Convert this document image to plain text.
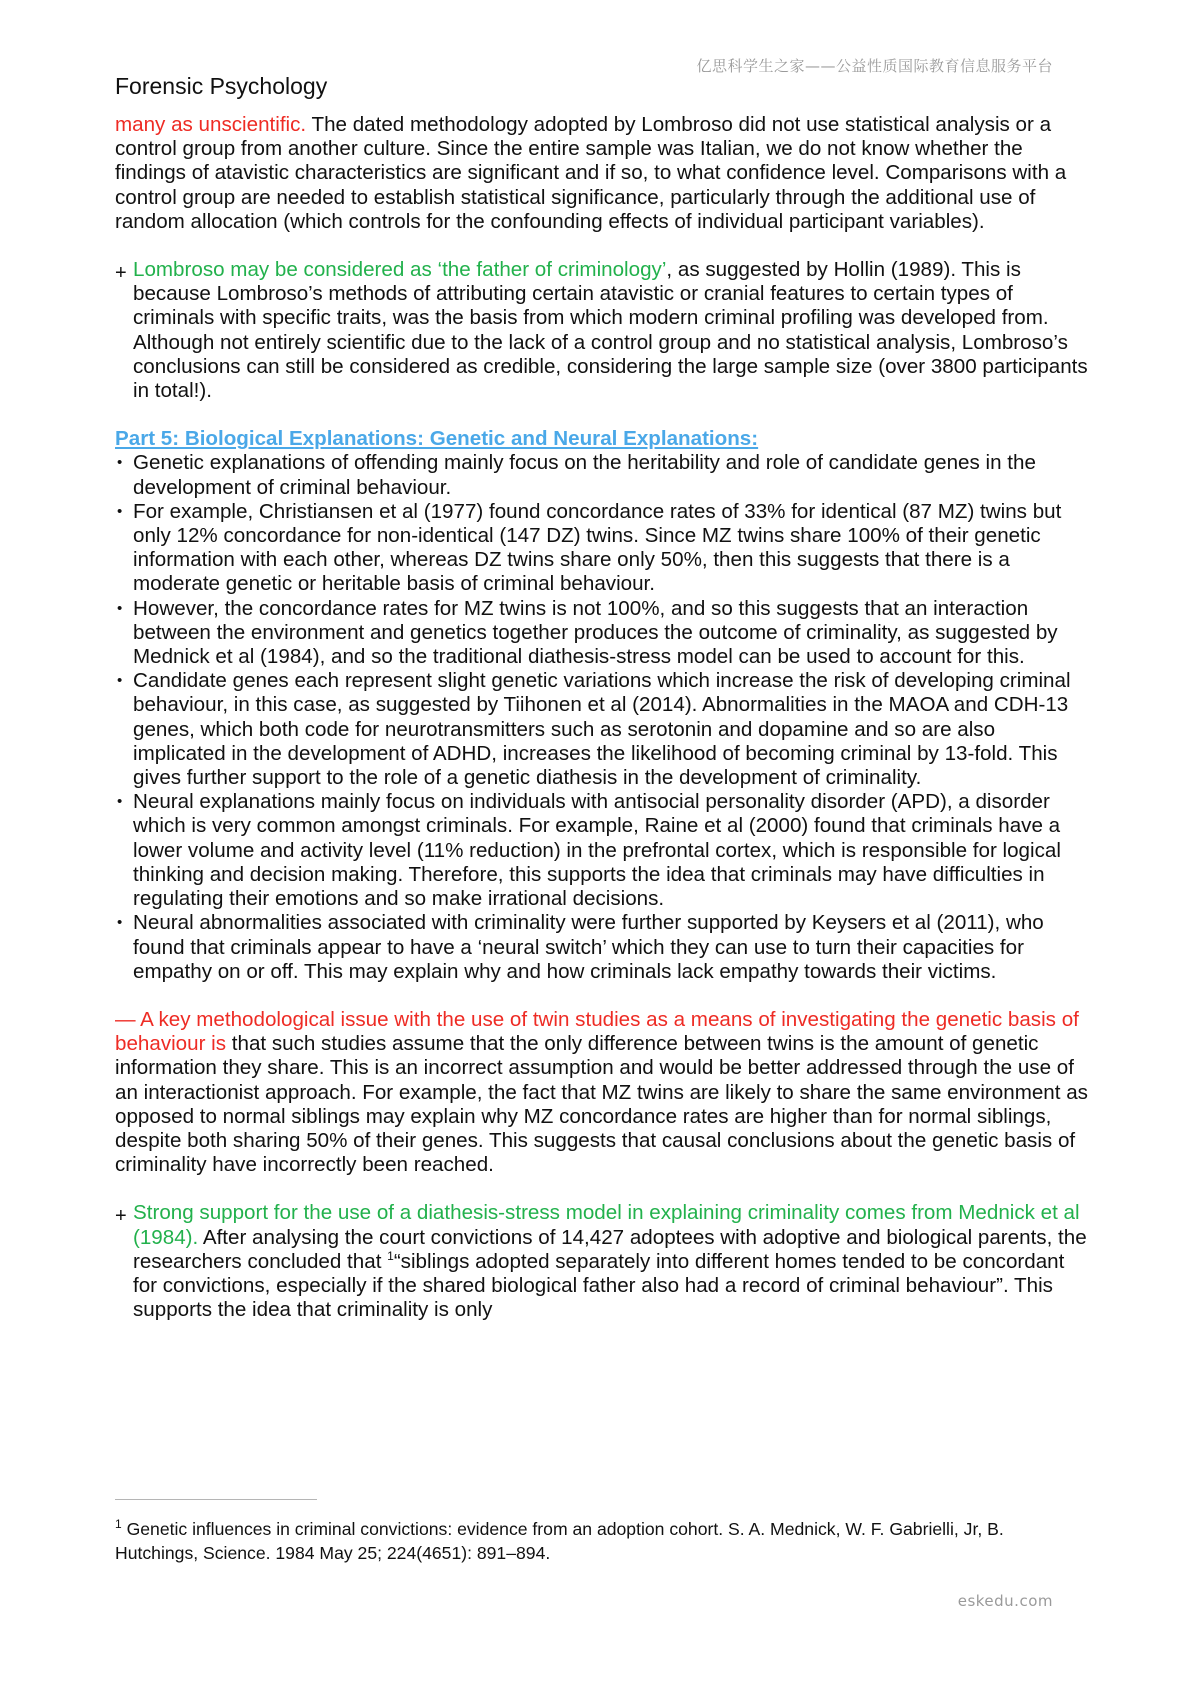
亿思科学生之家——公益性质国际教育信息服务平台
Forensic Psychology

many as unscientific. The dated methodology adopted by Lombroso did not use statistical analysis or a control group from another culture. Since the entire sample was Italian, we do not know whether the findings of atavistic characteristics are significant and if so, to what confidence level. Comparisons with a control group are needed to establish statistical significance, particularly through the additional use of random allocation (which controls for the confounding effects of individual participant variables).

+ Lombroso may be considered as ‘the father of criminology’, as suggested by Hollin (1989). This is because Lombroso’s methods of attributing certain atavistic or cranial features to certain types of criminals with specific traits, was the basis from which modern criminal profiling was developed from. Although not entirely scientific due to the lack of a control group and no statistical analysis, Lombroso’s conclusions can still be considered as credible, considering the large sample size (over 3800 participants in total!).

Part 5: Biological Explanations: Genetic and Neural Explanations:

• Genetic explanations of offending mainly focus on the heritability and role of candidate genes in the development of criminal behaviour.
• For example, Christiansen et al (1977) found concordance rates of 33% for identical (87 MZ) twins but only 12% concordance for non-identical (147 DZ) twins. Since MZ twins share 100% of their genetic information with each other, whereas DZ twins share only 50%, then this suggests that there is a moderate genetic or heritable basis of criminal behaviour.
• However, the concordance rates for MZ twins is not 100%, and so this suggests that an interaction between the environment and genetics together produces the outcome of criminality, as suggested by Mednick et al (1984), and so the traditional diathesis-stress model can be used to account for this.
• Candidate genes each represent slight genetic variations which increase the risk of developing criminal behaviour, in this case, as suggested by Tiihonen et al (2014). Abnormalities in the MAOA and CDH-13 genes, which both code for neurotransmitters such as serotonin and dopamine and so are also implicated in the development of ADHD, increases the likelihood of becoming criminal by 13-fold. This gives further support to the role of a genetic diathesis in the development of criminality.
• Neural explanations mainly focus on individuals with antisocial personality disorder (APD), a disorder which is very common amongst criminals. For example, Raine et al (2000) found that criminals have a lower volume and activity level (11% reduction) in the prefrontal cortex, which is responsible for logical thinking and decision making. Therefore, this supports the idea that criminals may have difficulties in regulating their emotions and so make irrational decisions.
• Neural abnormalities associated with criminality were further supported by Keysers et al (2011), who found that criminals appear to have a ‘neural switch’ which they can use to turn their capacities for empathy on or off. This may explain why and how criminals lack empathy towards their victims.

— A key methodological issue with the use of twin studies as a means of investigating the genetic basis of behaviour is that such studies assume that the only difference between twins is the amount of genetic information they share. This is an incorrect assumption and would be better addressed through the use of an interactionist approach. For example, the fact that MZ twins are likely to share the same environment as opposed to normal siblings may explain why MZ concordance rates are higher than for normal siblings, despite both sharing 50% of their genes. This suggests that causal conclusions about the genetic basis of criminality have incorrectly been reached.

+ Strong support for the use of a diathesis-stress model in explaining criminality comes from Mednick et al (1984). After analysing the court convictions of 14,427 adoptees with adoptive and biological parents, the researchers concluded that $^1$“siblings adopted separately into different homes tended to be concordant for convictions, especially if the shared biological father also had a record of criminal behaviour”. This supports the idea that criminality is only

$^1$ Genetic influences in criminal convictions: evidence from an adoption cohort. S. A. Mednick, W. F. Gabrielli, Jr, B. Hutchings, Science. 1984 May 25; 224(4651): 891–894.
eskedu.com
